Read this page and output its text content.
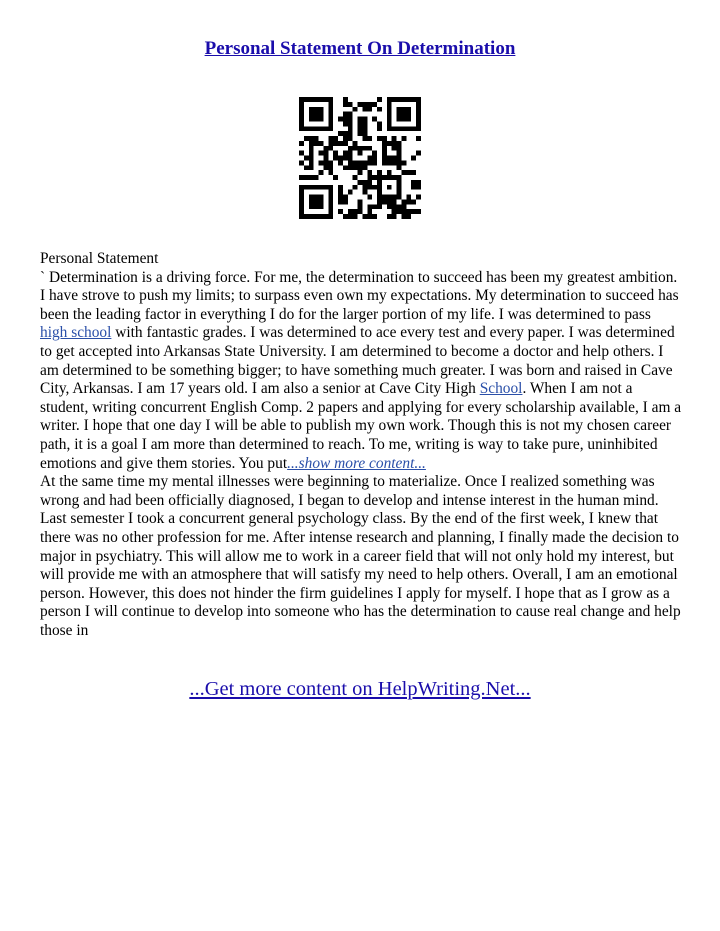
Personal Statement On Determination

Personal Statement

` Determination is a driving force. For me, the determination to succeed has been my greatest ambition. I have strove to push my limits; to surpass even own my expectations. My determination to succeed has been the leading factor in everything I do for the larger portion of my life. I was determined to pass high school with fantastic grades. I was determined to ace every test and every paper. I was determined to get accepted into Arkansas State University. I am determined to become a doctor and help others. I am determined to be something bigger; to have something much greater. I was born and raised in Cave City, Arkansas. I am 17 years old. I am also a senior at Cave City High School. When I am not a student, writing concurrent English Comp. 2 papers and applying for every scholarship available, I am a writer. I hope that one day I will be able to publish my own work. Though this is not my chosen career path, it is a goal I am more than determined to reach. To me, writing is way to take pure, uninhibited emotions and give them stories. You put...show more content...

At the same time my mental illnesses were beginning to materialize. Once I realized something was wrong and had been officially diagnosed, I began to develop and intense interest in the human mind. Last semester I took a concurrent general psychology class. By the end of the first week, I knew that there was no other profession for me. After intense research and planning, I finally made the decision to major in psychiatry. This will allow me to work in a career field that will not only hold my interest, but will provide me with an atmosphere that will satisfy my need to help others. Overall, I am an emotional person. However, this does not hinder the firm guidelines I apply for myself. I hope that as I grow as a person I will continue to develop into someone who has the determination to cause real change and help those in

...Get more content on HelpWriting.Net...
